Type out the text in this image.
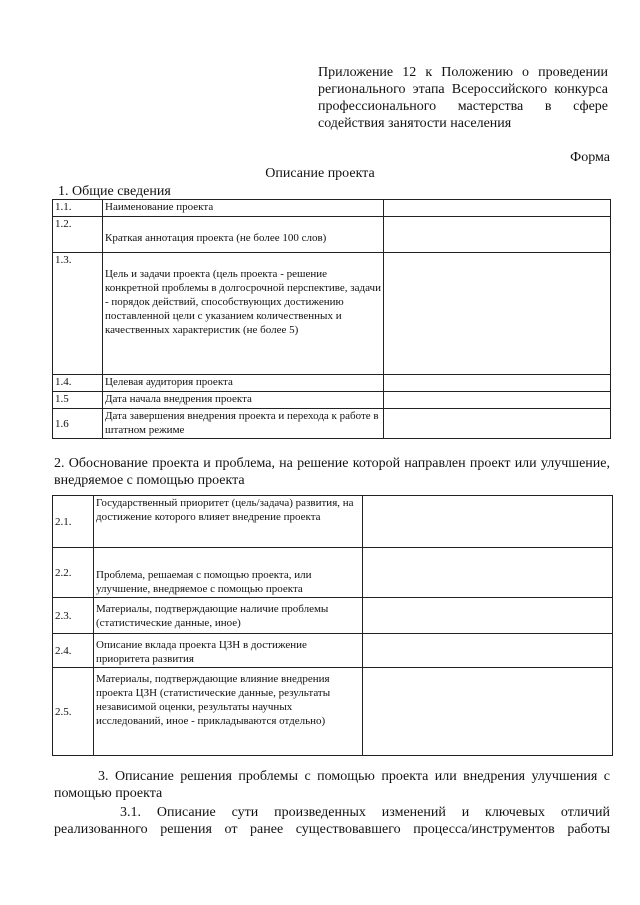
Приложение 12 к Положению о проведении регионального этапа Всероссийского конкурса профессионального мастерства в сфере содействия занятости населения
Форма
Описание проекта
1. Общие сведения
1.1.	Наименование проекта	
1.2.	Краткая аннотация проекта (не более 100 слов)	
1.3.	Цель и задачи проекта (цель проекта - решение конкретной проблемы в долгосрочной перспективе, задачи - порядок действий, способствующих достижению поставленной цели с указанием количественных и качественных характеристик (не более 5)	
1.4.	Целевая аудитория проекта	
1.5	Дата начала внедрения проекта	
1.6	Дата завершения внедрения проекта и перехода к работе в штатном режиме	
2. Обоснование проекта и проблема, на решение которой направлен проект или улучшение, внедряемое с помощью проекта
2.1.	Государственный приоритет (цель/задача) развития, на достижение которого влияет внедрение проекта	
2.2.	Проблема, решаемая с помощью проекта, или улучшение, внедряемое с помощью проекта	
2.3.	Материалы, подтверждающие наличие проблемы (статистические данные, иное)	
2.4.	Описание вклада проекта ЦЗН в достижение приоритета развития	
2.5.	Материалы, подтверждающие влияние внедрения проекта ЦЗН (статистические данные, результаты независимой оценки, результаты научных исследований, иное - прикладываются отдельно)	
3. Описание решения проблемы с помощью проекта или внедрения улучшения с помощью проекта
3.1. Описание сути произведенных изменений и ключевых отличий реализованного решения от ранее существовавшего процесса/инструментов работы
